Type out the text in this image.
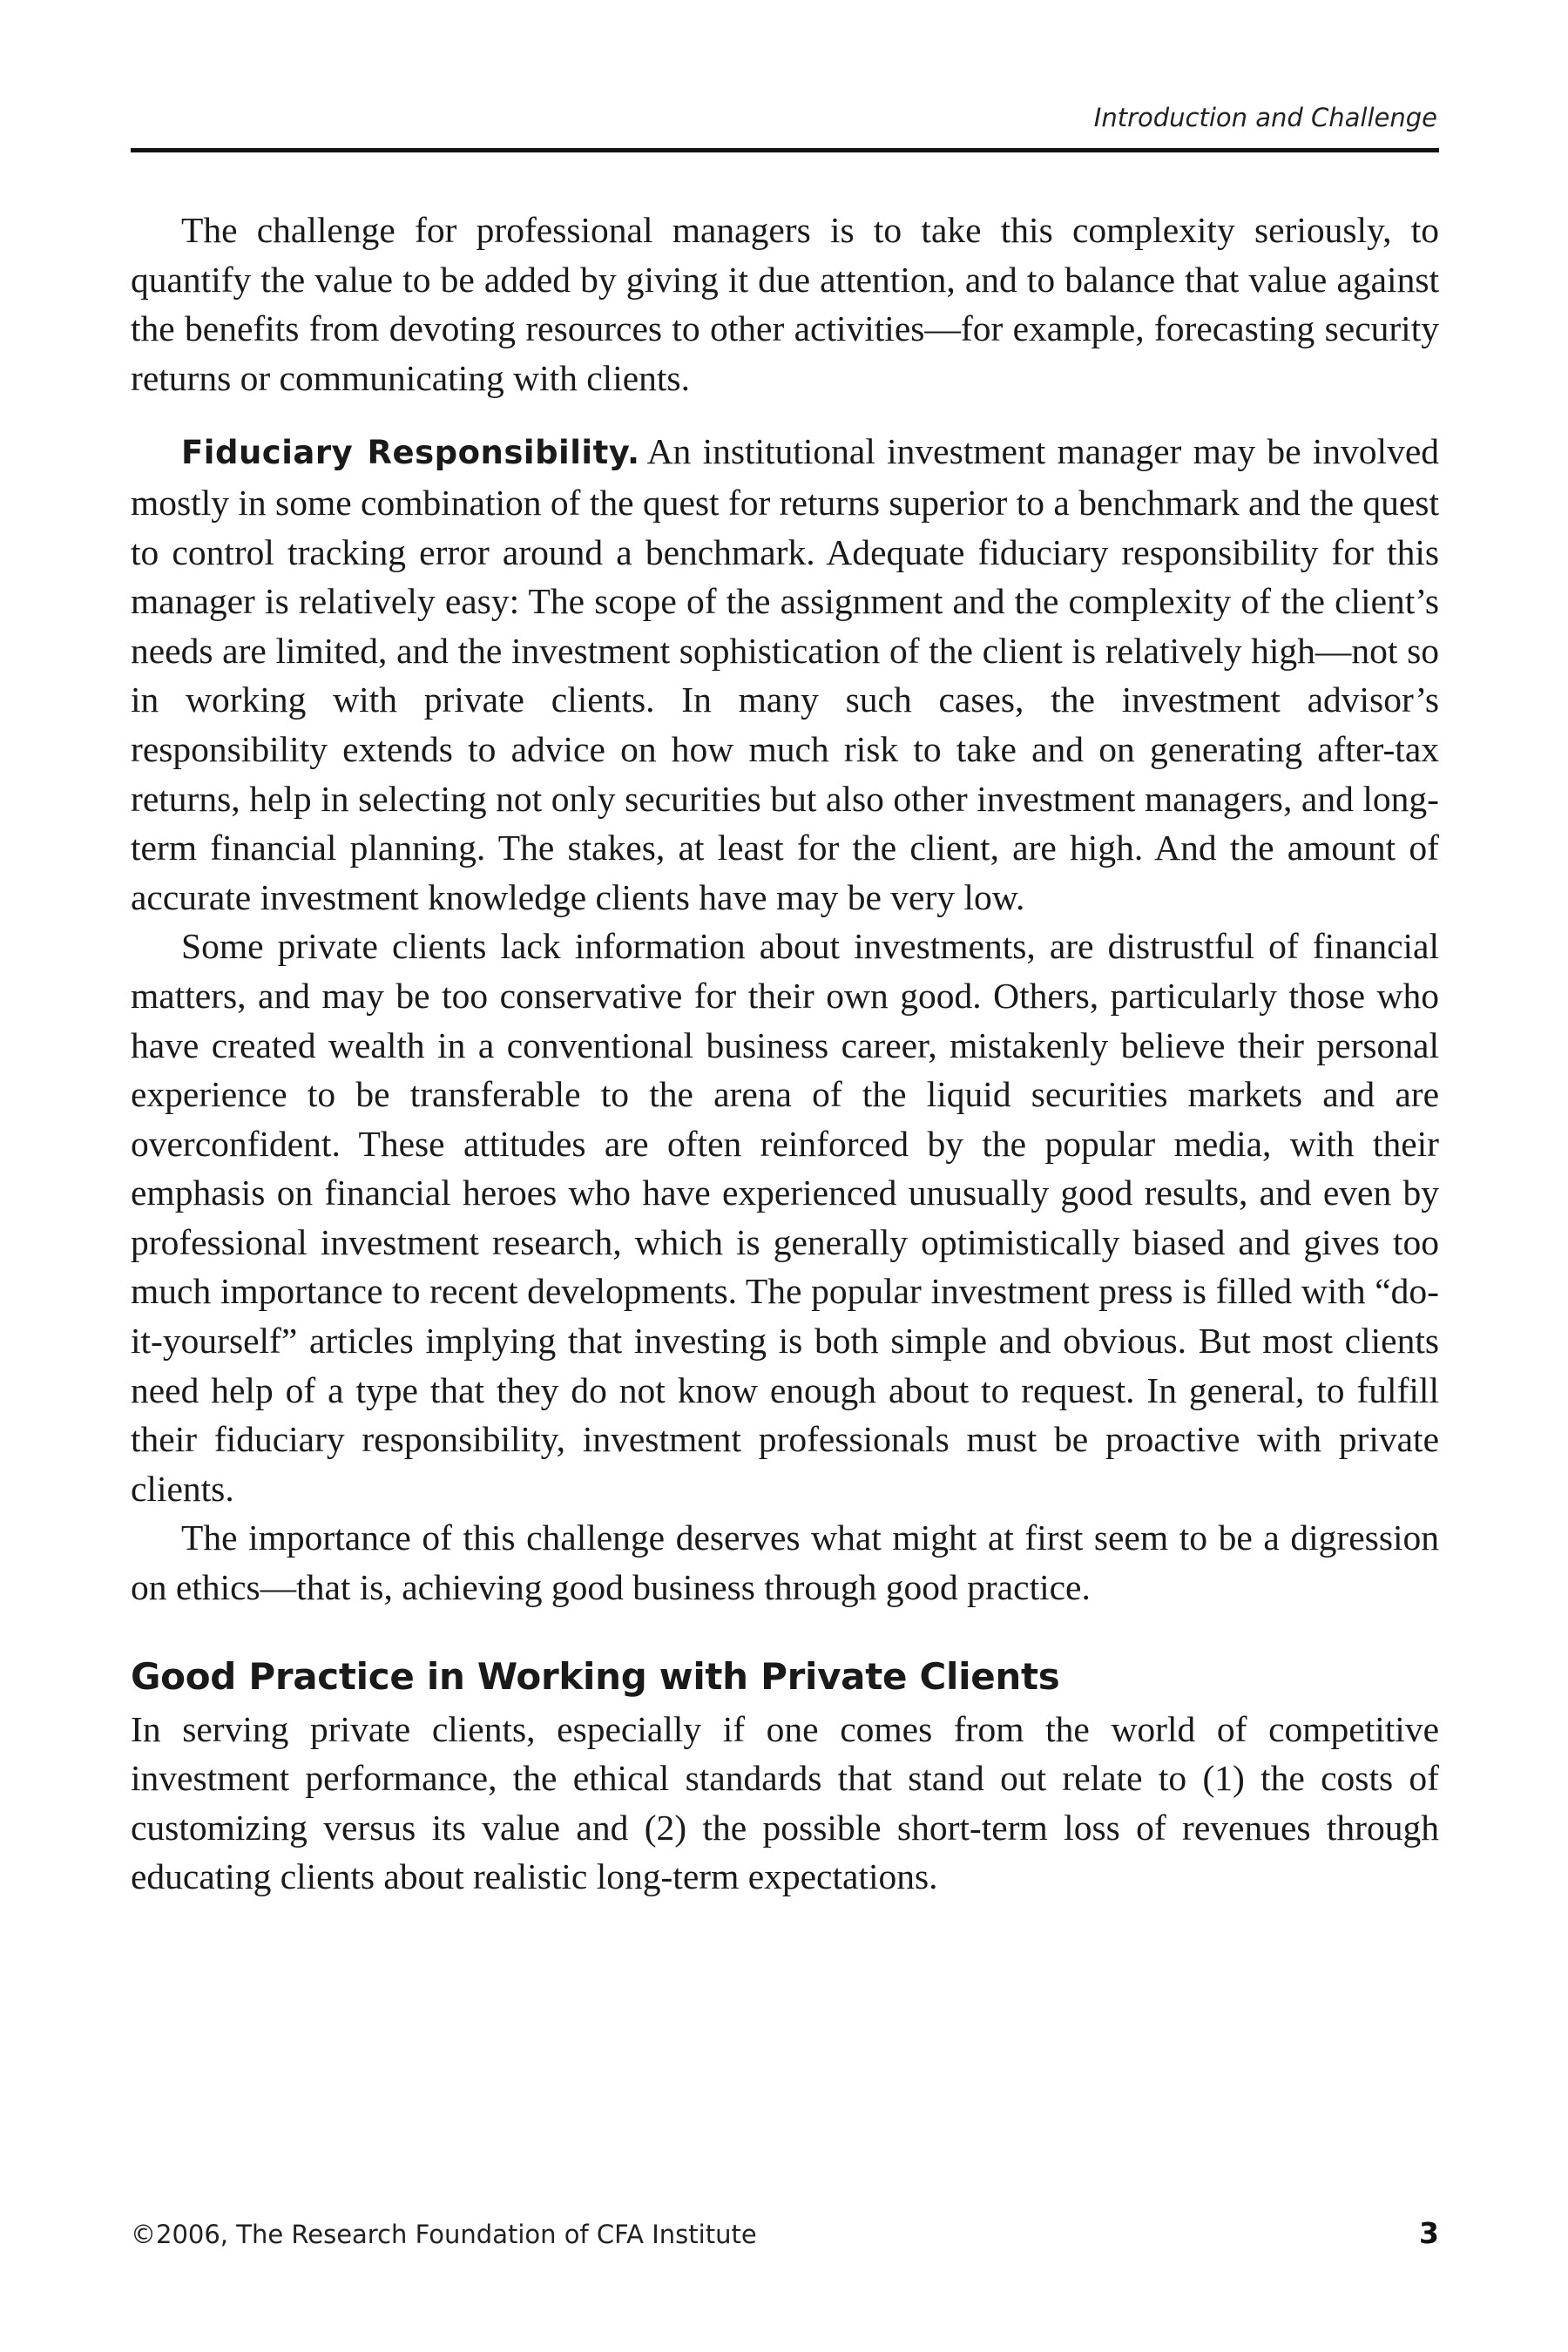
Introduction and Challenge

The challenge for professional managers is to take this complexity seriously, to quantify the value to be added by giving it due attention, and to balance that value against the benefits from devoting resources to other activities—for example, forecasting security returns or communicating with clients.

Fiduciary Responsibility. An institutional investment manager may be involved mostly in some combination of the quest for returns superior to a benchmark and the quest to control tracking error around a benchmark. Adequate fiduciary responsibility for this manager is relatively easy: The scope of the assignment and the complexity of the client’s needs are limited, and the investment sophistication of the client is relatively high—not so in working with private clients. In many such cases, the investment advisor’s responsibility extends to advice on how much risk to take and on generating after-tax returns, help in selecting not only securities but also other investment managers, and long-term financial planning. The stakes, at least for the client, are high. And the amount of accurate investment knowledge clients have may be very low.

Some private clients lack information about investments, are distrustful of financial matters, and may be too conservative for their own good. Others, particularly those who have created wealth in a conventional business career, mistakenly believe their personal experience to be transferable to the arena of the liquid securities markets and are overconfident. These attitudes are often reinforced by the popular media, with their emphasis on financial heroes who have experienced unusually good results, and even by professional investment research, which is generally optimistically biased and gives too much importance to recent developments. The popular investment press is filled with “do-it-yourself” articles implying that investing is both simple and obvious. But most clients need help of a type that they do not know enough about to request. In general, to fulfill their fiduciary responsibility, investment professionals must be proactive with private clients.

The importance of this challenge deserves what might at first seem to be a digression on ethics—that is, achieving good business through good practice.

Good Practice in Working with Private Clients

In serving private clients, especially if one comes from the world of competitive investment performance, the ethical standards that stand out relate to (1) the costs of customizing versus its value and (2) the possible short-term loss of revenues through educating clients about realistic long-term expectations.

©2006, The Research Foundation of CFA Institute	3
